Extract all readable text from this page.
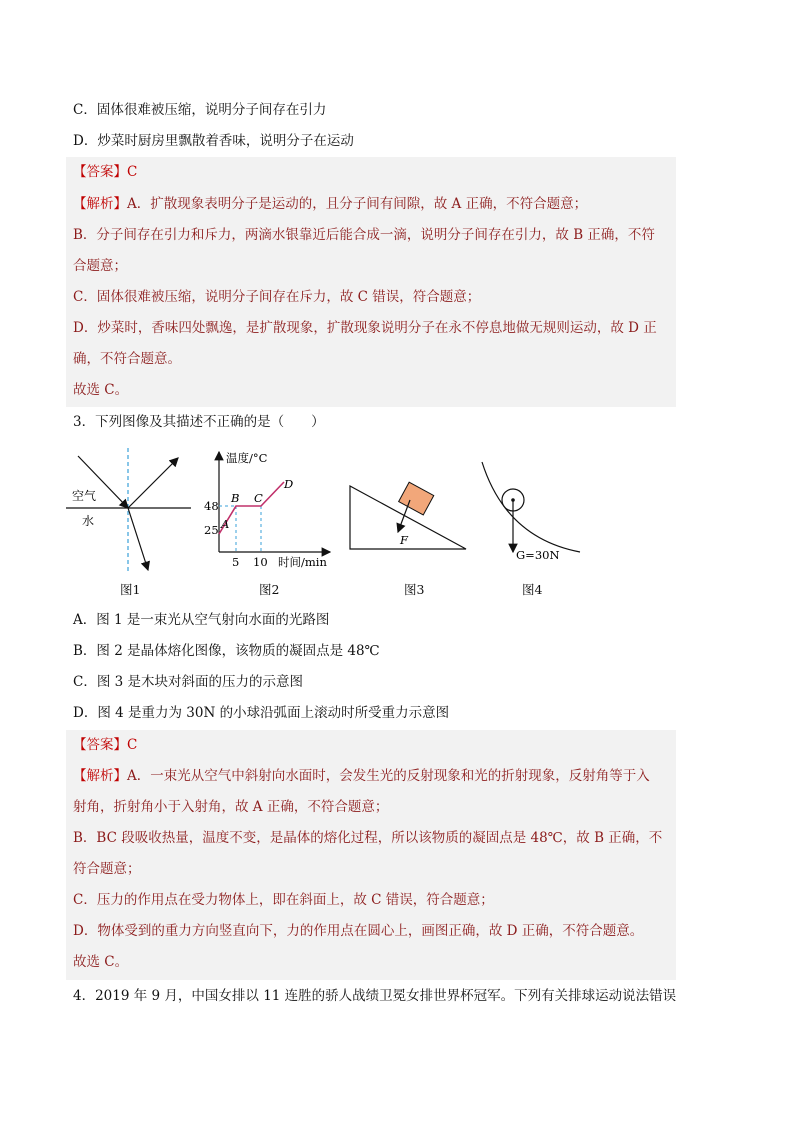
C．固体很难被压缩，说明分子间存在引力
D．炒菜时厨房里飘散着香味，说明分子在运动
【答案】C
【解析】A．扩散现象表明分子是运动的，且分子间有间隙，故 A 正确，不符合题意；
B．分子间存在引力和斥力，两滴水银靠近后能合成一滴，说明分子间存在引力，故 B 正确，不符
合题意；
C．固体很难被压缩，说明分子间存在斥力，故 C 错误，符合题意；
D．炒菜时，香味四处飘逸，是扩散现象，扩散现象说明分子在永不停息地做无规则运动，故 D 正
确，不符合题意。
故选 C。
3．下列图像及其描述不正确的是（　　）
空气
水
图1
温度/°C
48
25
5 10 时间/min
A
B C
D
图2
F
图3
G=30N
图4
A．图 1 是一束光从空气射向水面的光路图
B．图 2 是晶体熔化图像，该物质的凝固点是 48℃
C．图 3 是木块对斜面的压力的示意图
D．图 4 是重力为 30N 的小球沿弧面上滚动时所受重力示意图
【答案】C
【解析】A．一束光从空气中斜射向水面时，会发生光的反射现象和光的折射现象，反射角等于入
射角，折射角小于入射角，故 A 正确，不符合题意；
B．BC 段吸收热量，温度不变，是晶体的熔化过程，所以该物质的凝固点是 48℃，故 B 正确，不
符合题意；
C．压力的作用点在受力物体上，即在斜面上，故 C 错误，符合题意；
D．物体受到的重力方向竖直向下，力的作用点在圆心上，画图正确，故 D 正确，不符合题意。
故选 C。
4．2019 年 9 月，中国女排以 11 连胜的骄人战绩卫冕女排世界杯冠军。下列有关排球运动说法错误
